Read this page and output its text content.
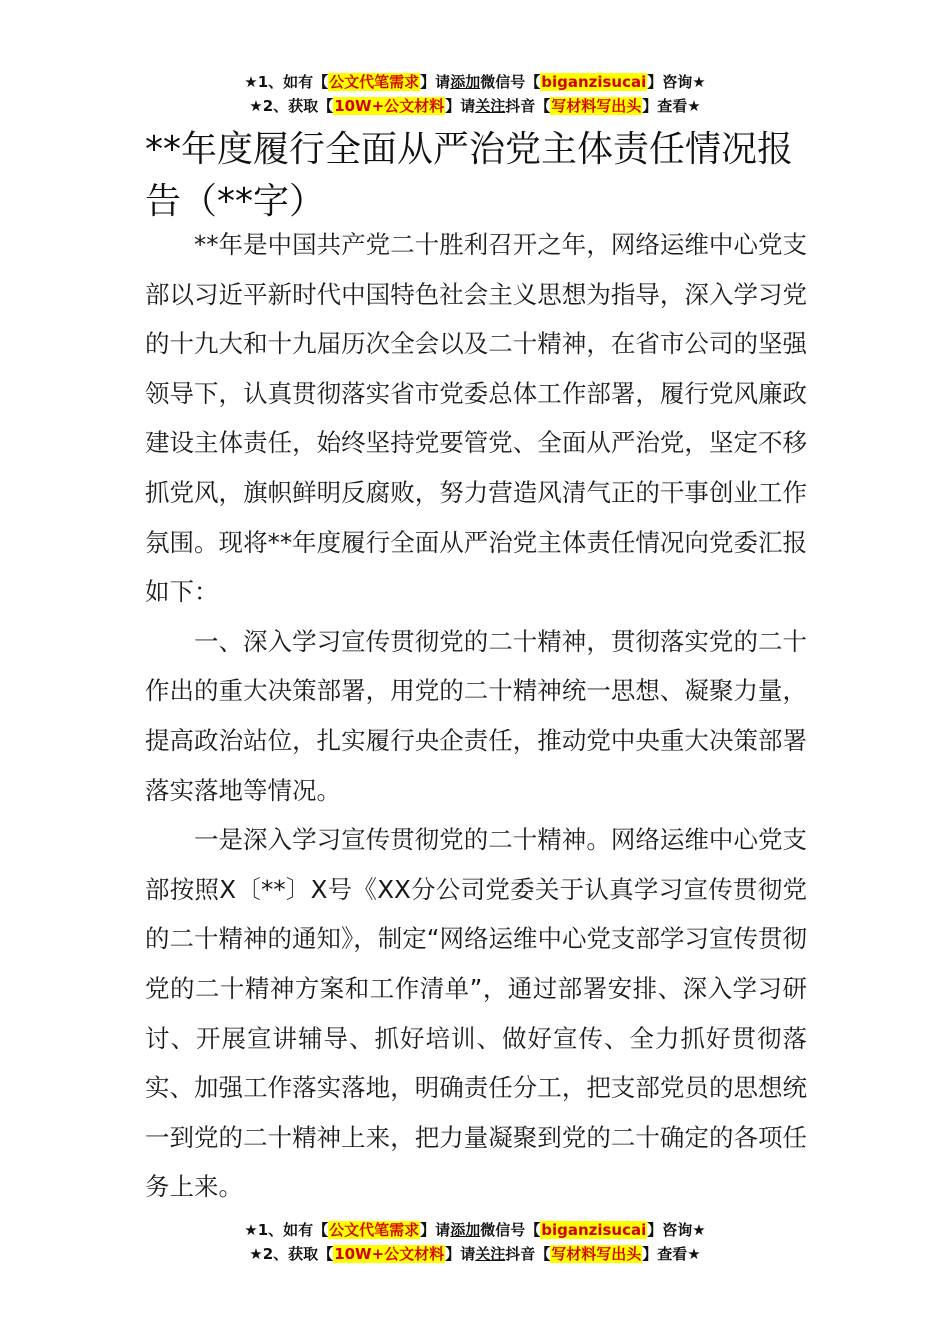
★1、如有【公文代笔需求】请添加微信号【biganzisucai】咨询★
★2、获取【10W+公文材料】请关注抖音【写材料写出头】查看★
**年度履行全面从严治党主体责任情况报告（**字）

**年是中国共产党二十胜利召开之年，网络运维中心党支部以习近平新时代中国特色社会主义思想为指导，深入学习党的十九大和十九届历次全会以及二十精神，在省市公司的坚强领导下，认真贯彻落实省市党委总体工作部署，履行党风廉政建设主体责任，始终坚持党要管党、全面从严治党，坚定不移抓党风，旗帜鲜明反腐败，努力营造风清气正的干事创业工作氛围。现将**年度履行全面从严治党主体责任情况向党委汇报如下：

一、深入学习宣传贯彻党的二十精神，贯彻落实党的二十作出的重大决策部署，用党的二十精神统一思想、凝聚力量，提高政治站位，扎实履行央企责任，推动党中央重大决策部署落实落地等情况。

一是深入学习宣传贯彻党的二十精神。网络运维中心党支部按照X〔**〕X号《XX分公司党委关于认真学习宣传贯彻党的二十精神的通知》，制定“网络运维中心党支部学习宣传贯彻党的二十精神方案和工作清单”，通过部署安排、深入学习研讨、开展宣讲辅导、抓好培训、做好宣传、全力抓好贯彻落实、加强工作落实落地，明确责任分工，把支部党员的思想统一到党的二十精神上来，把力量凝聚到党的二十确定的各项任务上来。

★1、如有【公文代笔需求】请添加微信号【biganzisucai】咨询★
★2、获取【10W+公文材料】请关注抖音【写材料写出头】查看★
